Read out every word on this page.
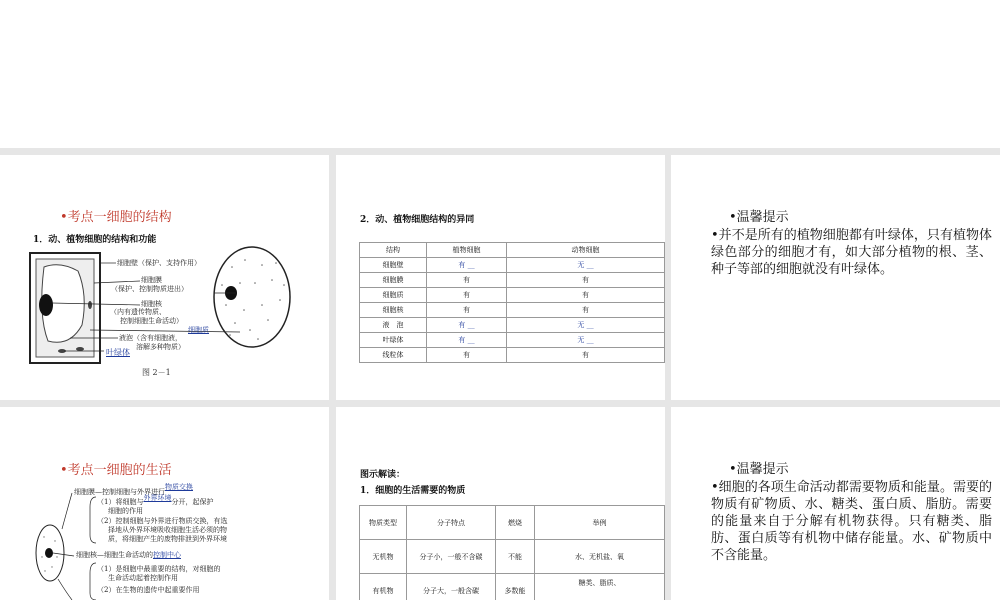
•考点一细胞的结构
1．动、植物细胞的结构和功能
细胞壁（保护、支持作用）
细胞膜
（保护、控制物质进出）
细胞核
（内有遗传物质、
控制细胞生命活动）
细胞质
液泡（含有细胞液，
溶解多种物质）
叶绿体
图 2－1
2．动、植物细胞结构的异同
结构	植物细胞	动物细胞
细胞壁	有 __	无 __
细胞膜	有	有
细胞质	有	有
细胞核	有	有
液　泡	有 __	无 __
叶绿体	有 __	无 __
线粒体	有	有
•温馨提示
•并不是所有的植物细胞都有叶绿体，只有植物体绿色部分的细胞才有，如大部分植物的根、茎、种子等部的细胞就没有叶绿体。
•考点一细胞的生活
细胞膜—控制细胞与外界进行物质交换
（1）将细胞与外界环境分开，起保护
细胞的作用
（2）控制细胞与外界进行物质交换，有选
择地从外界环境吸收细胞生活必须的物
质，将细胞产生的废物排泄到外界环境
细胞核—细胞生命活动的控制中心
（1）是细胞中最重要的结构，对细胞的
生命活动起着控制作用
（2）在生物的遗传中起重要作用
图示解读：
1．细胞的生活需要的物质
物质类型	分子特点	燃烧	举例
无机物	分子小，一般不含碳	不能	水、无机盐、氧
有机物	分子大，一般含碳	多数能	糖类、脂质、
•温馨提示
•细胞的各项生命活动都需要物质和能量。需要的物质有矿物质、水、糖类、蛋白质、脂肪。需要的能量来自于分解有机物获得。只有糖类、脂肪、蛋白质等有机物中储存能量。水、矿物质中不含能量。
